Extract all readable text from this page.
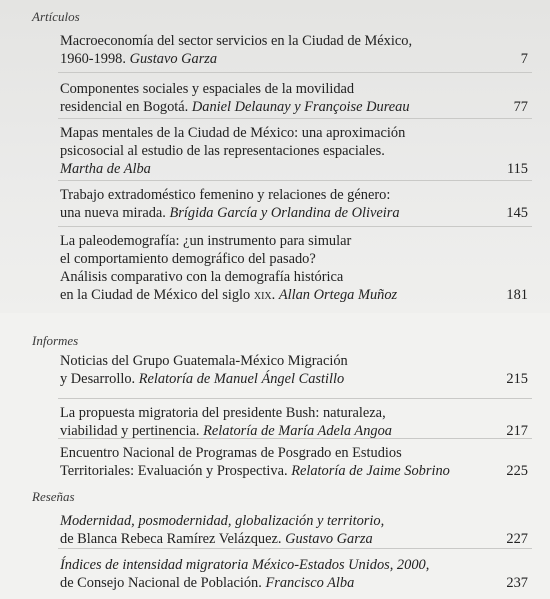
Artículos
Macroeconomía del sector servicios en la Ciudad de México,
1960-1998. Gustavo Garza	7
Componentes sociales y espaciales de la movilidad
residencial en Bogotá. Daniel Delaunay y Françoise Dureau	77
Mapas mentales de la Ciudad de México: una aproximación
psicosocial al estudio de las representaciones espaciales.
Martha de Alba	115
Trabajo extradoméstico femenino y relaciones de género:
una nueva mirada. Brígida García y Orlandina de Oliveira	145
La paleodemografía: ¿un instrumento para simular
el comportamiento demográfico del pasado?
Análisis comparativo con la demografía histórica
en la Ciudad de México del siglo xix. Allan Ortega Muñoz	181
Informes
Noticias del Grupo Guatemala-México Migración
y Desarrollo. Relatoría de Manuel Ángel Castillo	215
La propuesta migratoria del presidente Bush: naturaleza,
viabilidad y pertinencia. Relatoría de María Adela Angoa	217
Encuentro Nacional de Programas de Posgrado en Estudios
Territoriales: Evaluación y Prospectiva. Relatoría de Jaime Sobrino	225
Reseñas
Modernidad, posmodernidad, globalización y territorio,
de Blanca Rebeca Ramírez Velázquez. Gustavo Garza	227
Índices de intensidad migratoria México-Estados Unidos, 2000,
de Consejo Nacional de Población. Francisco Alba	237
